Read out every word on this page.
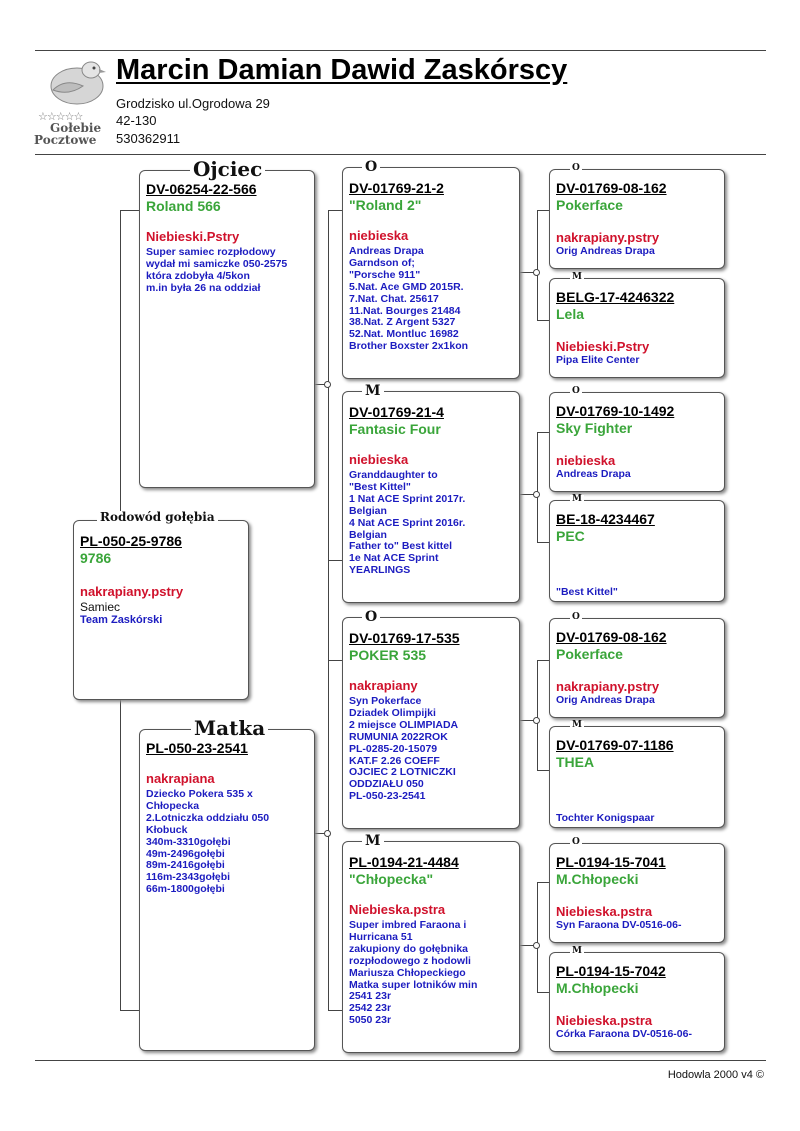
☆☆☆☆☆
Gołebie
Pocztowe
Marcin Damian Dawid Zaskórscy
Grodzisko ul.Ogrodowa 29
42-130
530362911
PL-050-25-9786
9786
nakrapiany.pstry
Samiec
Team Zaskórski
Rodowód gołębia
DV-06254-22-566
Roland 566
Niebieski.Pstry
Super samiec rozpłodowy
wydał mi samiczke 050-2575
która zdobyła 4/5kon
m.in była 26 na oddział
Ojciec
PL-050-23-2541
nakrapiana
Dziecko Pokera 535 x
Chłopecka
2.Lotniczka oddziału 050
Kłobuck
340m-3310gołębi
49m-2496gołębi
89m-2416gołębi
116m-2343gołębi
66m-1800gołębi
Matka
DV-01769-21-2
"Roland 2"
niebieska
Andreas Drapa
Garndson of;
"Porsche 911"
5.Nat. Ace GMD 2015R.
7.Nat. Chat. 25617
11.Nat. Bourges 21484
38.Nat. Z Argent 5327
52.Nat. Montluc 16982
Brother Boxster 2x1kon
O
DV-01769-21-4
Fantasic Four
niebieska
Granddaughter to
"Best Kittel"
1 Nat ACE Sprint 2017r.
Belgian
4 Nat ACE Sprint 2016r.
Belgian
Father to" Best kittel
1e Nat ACE Sprint
YEARLINGS
M
DV-01769-17-535
POKER 535
nakrapiany
Syn Pokerface
Dziadek Olimpijki
2 miejsce OLIMPIADA
RUMUNIA 2022ROK
PL-0285-20-15079
KAT.F 2.26 COEFF
OJCIEC 2 LOTNICZKI
ODDZIAŁU 050
PL-050-23-2541
O
PL-0194-21-4484
"Chłopecka"
Niebieska.pstra
Super imbred Faraona i
Hurricana 51
zakupiony do gołębnika
rozpłodowego z hodowli
Mariusza Chłopeckiego
Matka super lotników min
2541 23r
2542 23r
5050 23r
M
DV-01769-08-162
Pokerface
nakrapiany.pstry
Orig Andreas Drapa
O
BELG-17-4246322
Lela
Niebieski.Pstry
Pipa Elite Center
M
DV-01769-10-1492
Sky Fighter
niebieska
Andreas Drapa
O
BE-18-4234467
PEC
"Best Kittel"
M
DV-01769-08-162
Pokerface
nakrapiany.pstry
Orig Andreas Drapa
O
DV-01769-07-1186
THEA
Tochter Konigspaar
M
PL-0194-15-7041
M.Chłopecki
Niebieska.pstra
Syn Faraona DV-0516-06-
O
PL-0194-15-7042
M.Chłopecki
Niebieska.pstra
Córka Faraona DV-0516-06-
M
Hodowla 2000 v4 ©
